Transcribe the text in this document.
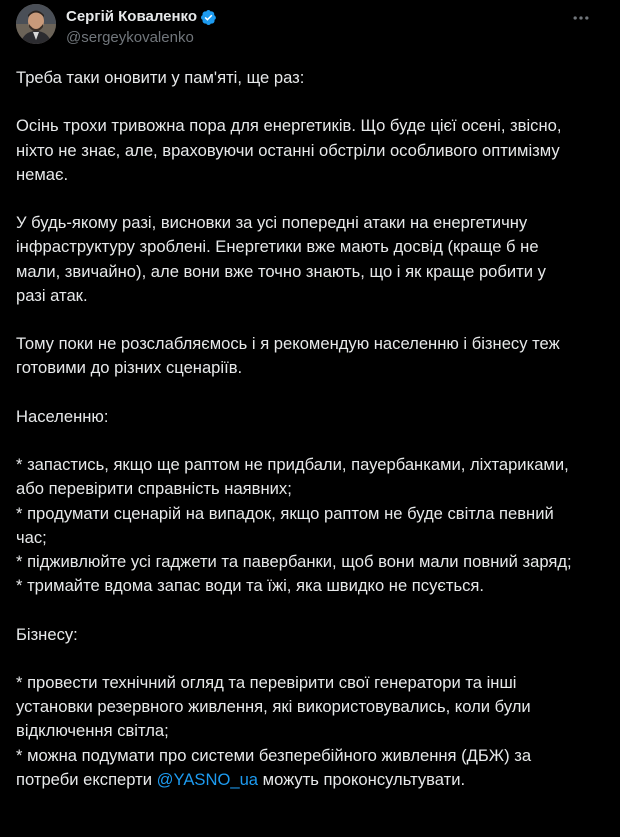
Сергій Коваленко
@sergeykovalenko

Треба таки оновити у пам'яті, ще раз:

Осінь трохи тривожна пора для енергетиків. Що буде цієї осені, звісно,
ніхто не знає, але, враховуючи останні обстріли особливого оптимізму
немає.

У будь-якому разі, висновки за усі попередні атаки на енергетичну
інфраструктуру зроблені. Енергетики вже мають досвід (краще б не
мали, звичайно), але вони вже точно знають, що і як краще робити у
разі атак.

Тому поки не розслабляємось і я рекомендую населенню і бізнесу теж
готовими до різних сценаріїв.

Населенню:

* запастись, якщо ще раптом не придбали, пауербанками, ліхтариками,
або перевірити справність наявних;
* продумати сценарій на випадок, якщо раптом не буде світла певний
час;
* підживлюйте усі гаджети та павербанки, щоб вони мали повний заряд;
* тримайте вдома запас води та їжі, яка швидко не псується.

Бізнесу:

* провести технічний огляд та перевірити свої генератори та інші
установки резервного живлення, які використовувались, коли були
відключення світла;
* можна подумати про системи безперебійного живлення (ДБЖ) за
потреби експерти @YASNO_ua можуть проконсультувати.
